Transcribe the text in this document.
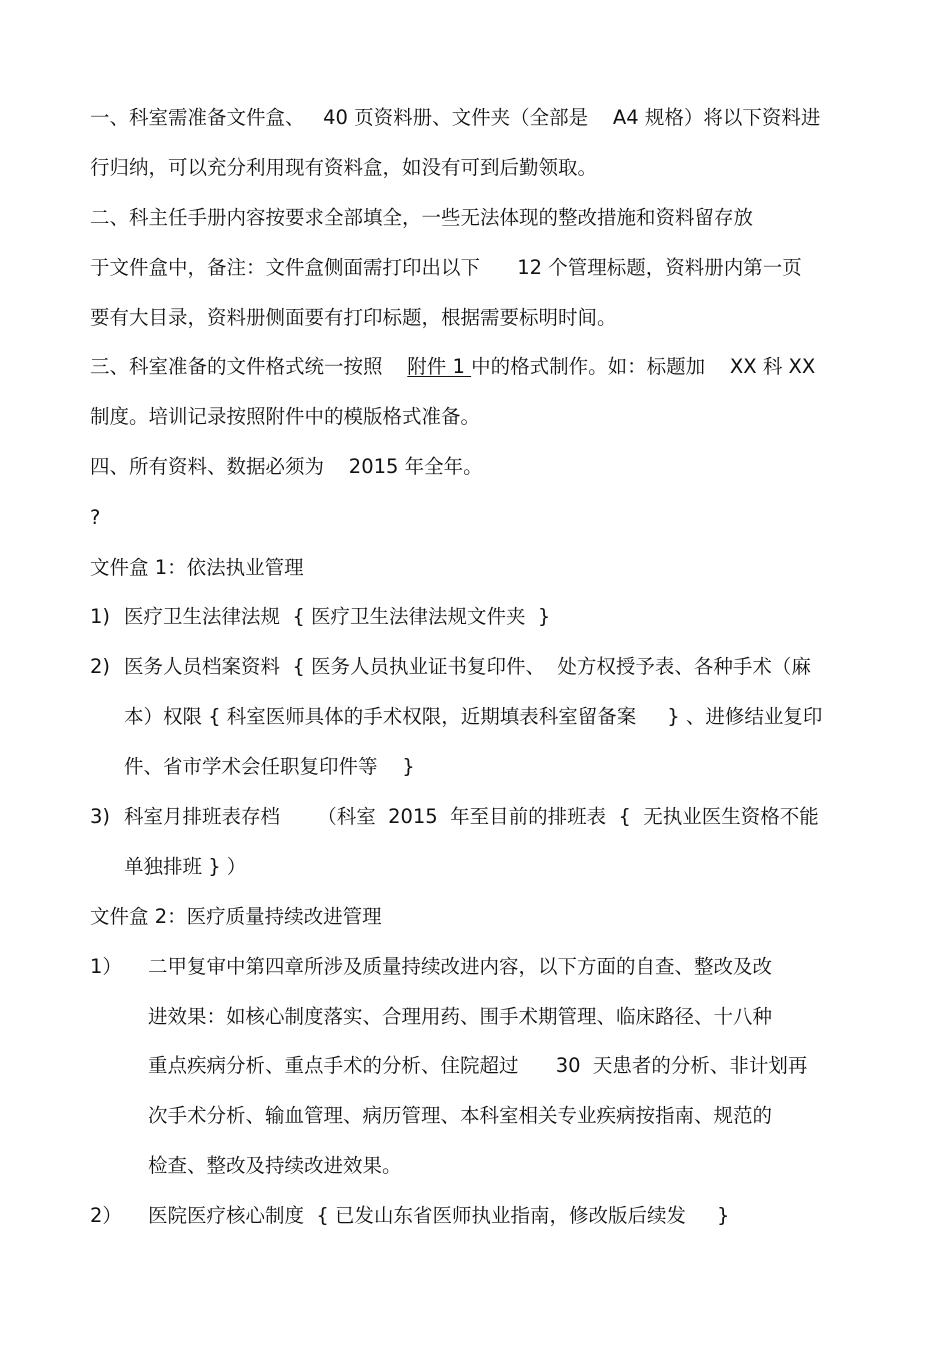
一、科室需准备文件盒、   40 页资料册、文件夹（全部是    A4 规格）将以下资料进

行归纳，可以充分利用现有资料盒，如没有可到后勤领取。

二、科主任手册内容按要求全部填全，一些无法体现的整改措施和资料留存放

于文件盒中，备注：文件盒侧面需打印出以下      12 个管理标题，资料册内第一页

要有大目录，资料册侧面要有打印标题，根据需要标明时间。

三、科室准备的文件格式统一按照    附件 1 中的格式制作。如：标题加    XX 科 XX

制度。培训记录按照附件中的模版格式准备。

四、所有资料、数据必须为    2015 年全年。

?

文件盒 1：依法执业管理

1) 医疗卫生法律法规  { 医疗卫生法律法规文件夹  }

2) 医务人员档案资料  { 医务人员执业证书复印件、  处方权授予表、各种手术（麻

本）权限 { 科室医师具体的手术权限，近期填表科室留备案     } 、进修结业复印

件、省市学术会任职复印件等    }

3) 科室月排班表存档      （科室  2015  年至目前的排班表  {  无执业医生资格不能

单独排班 } ）

文件盒 2：医疗质量持续改进管理

1） 二甲复审中第四章所涉及质量持续改进内容，以下方面的自查、整改及改

进效果：如核心制度落实、合理用药、围手术期管理、临床路径、十八种

重点疾病分析、重点手术的分析、住院超过      30  天患者的分析、非计划再

次手术分析、输血管理、病历管理、本科室相关专业疾病按指南、规范的

检查、整改及持续改进效果。

2） 医院医疗核心制度  { 已发山东省医师执业指南，修改版后续发     }
